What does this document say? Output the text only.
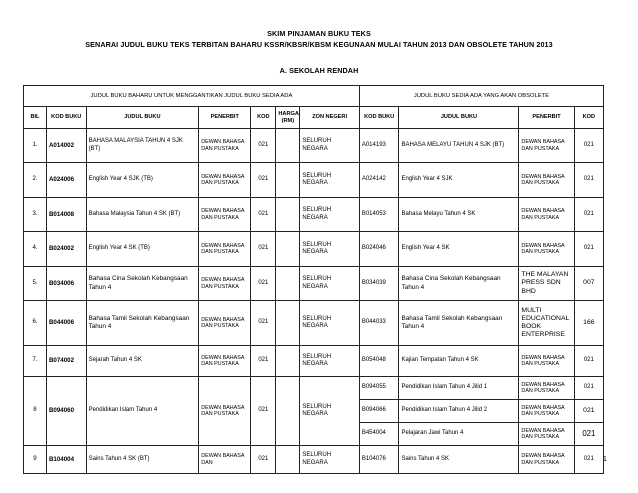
SKIM PINJAMAN BUKU TEKS
SENARAI JUDUL BUKU TEKS TERBITAN BAHARU KSSR/KBSR/KBSM KEGUNAAN MULAI TAHUN 2013 DAN OBSOLETE TAHUN 2013
A. SEKOLAH RENDAH
JUDUL BUKU BAHARU UNTUK MENGGANTIKAN JUDUL BUKU SEDIA ADA							JUDUL BUKU SEDIA ADA YANG AKAN OBSOLETE			
BIL	KOD BUKU	JUDUL BUKU	PENERBIT	KOD	HARGA (RM)	ZON NEGERI	KOD BUKU	JUDUL BUKU	PENERBIT	KOD
1.	A014002	BAHASA MALAYSIA TAHUN 4 SJK (BT)	DEWAN BAHASA DAN PUSTAKA	021		SELURUH NEGARA	A014193	BAHASA MELAYU TAHUN 4 SJK (BT)	DEWAN BAHASA DAN PUSTAKA	021
2.	A024006	English Year 4 SJK (TB)	DEWAN BAHASA DAN PUSTAKA	021		SELURUH NEGARA	A024142	English Year 4 SJK	DEWAN BAHASA DAN PUSTAKA	021
3.	B014008	Bahasa Malaysia Tahun 4 SK (BT)	DEWAN BAHASA DAN PUSTAKA	021		SELURUH NEGARA	B014053	Bahasa Melayu Tahun 4 SK	DEWAN BAHASA DAN PUSTAKA	021
4.	B024002	English Year 4 SK (TB)	DEWAN BAHASA DAN PUSTAKA	021		SELURUH NEGARA	B024046	English Year 4 SK	DEWAN BAHASA DAN PUSTAKA	021
5.	B034006	Bahasa Cina Sekolah Kebangsaan Tahun 4	DEWAN BAHASA DAN PUSTAKA	021		SELURUH NEGARA	B034039	Bahasa Cina Sekolah Kebangsaan Tahun 4	THE MALAYAN PRESS SDN BHD	007
6.	B044006	Bahasa Tamil Sekolah Kebangsaan Tahun 4	DEWAN BAHASA DAN PUSTAKA	021		SELURUH NEGARA	B044033	Bahasa Tamil Sekolah Kebangsaan Tahun 4	MULTI EDUCATIONAL BOOK ENTERPRISE	166
7.	B074002	Sejarah Tahun 4 SK	DEWAN BAHASA DAN PUSTAKA	021		SELURUH NEGARA	B054048	Kajian Tempatan Tahun 4 SK	DEWAN BAHASA DAN PUSTAKA	021
8	B094060	Pendidikan Islam Tahun 4	DEWAN BAHASA DAN PUSTAKA	021		SELURUH NEGARA	B094055	Pendidikan Islam Tahun 4 Jilid 1	DEWAN BAHASA DAN PUSTAKA	021
							B094066	Pendidikan Islam Tahun 4 Jilid 2	DEWAN BAHASA DAN PUSTAKA	021
							B454004	Pelajaran Jawi Tahun 4	DEWAN BAHASA DAN PUSTAKA	021
9	B104004	Sains Tahun 4 SK (BT)	DEWAN BAHASA DAN	021		SELURUH NEGARA	B104076	Sains Tahun 4 SK	DEWAN BAHASA DAN PUSTAKA	021 1
